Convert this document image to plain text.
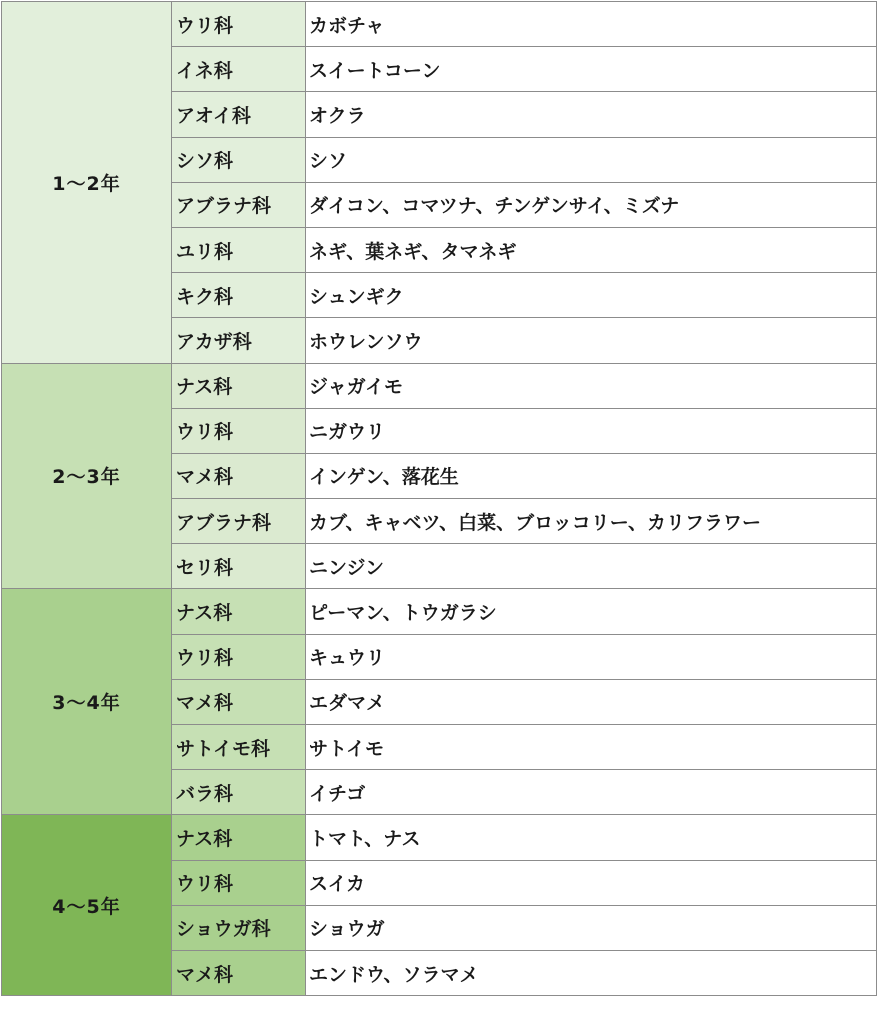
1～2年	ウリ科	カボチャ
	イネ科	スイートコーン
	アオイ科	オクラ
	シソ科	シソ
	アブラナ科	ダイコン、コマツナ、チンゲンサイ、ミズナ
	ユリ科	ネギ、葉ネギ、タマネギ
	キク科	シュンギク
	アカザ科	ホウレンソウ
2～3年	ナス科	ジャガイモ
	ウリ科	ニガウリ
	マメ科	インゲン、落花生
	アブラナ科	カブ、キャベツ、白菜、ブロッコリー、カリフラワー
	セリ科	ニンジン
3～4年	ナス科	ピーマン、トウガラシ
	ウリ科	キュウリ
	マメ科	エダマメ
	サトイモ科	サトイモ
	バラ科	イチゴ
4～5年	ナス科	トマト、ナス
	ウリ科	スイカ
	ショウガ科	ショウガ
	マメ科	エンドウ、ソラマメ
